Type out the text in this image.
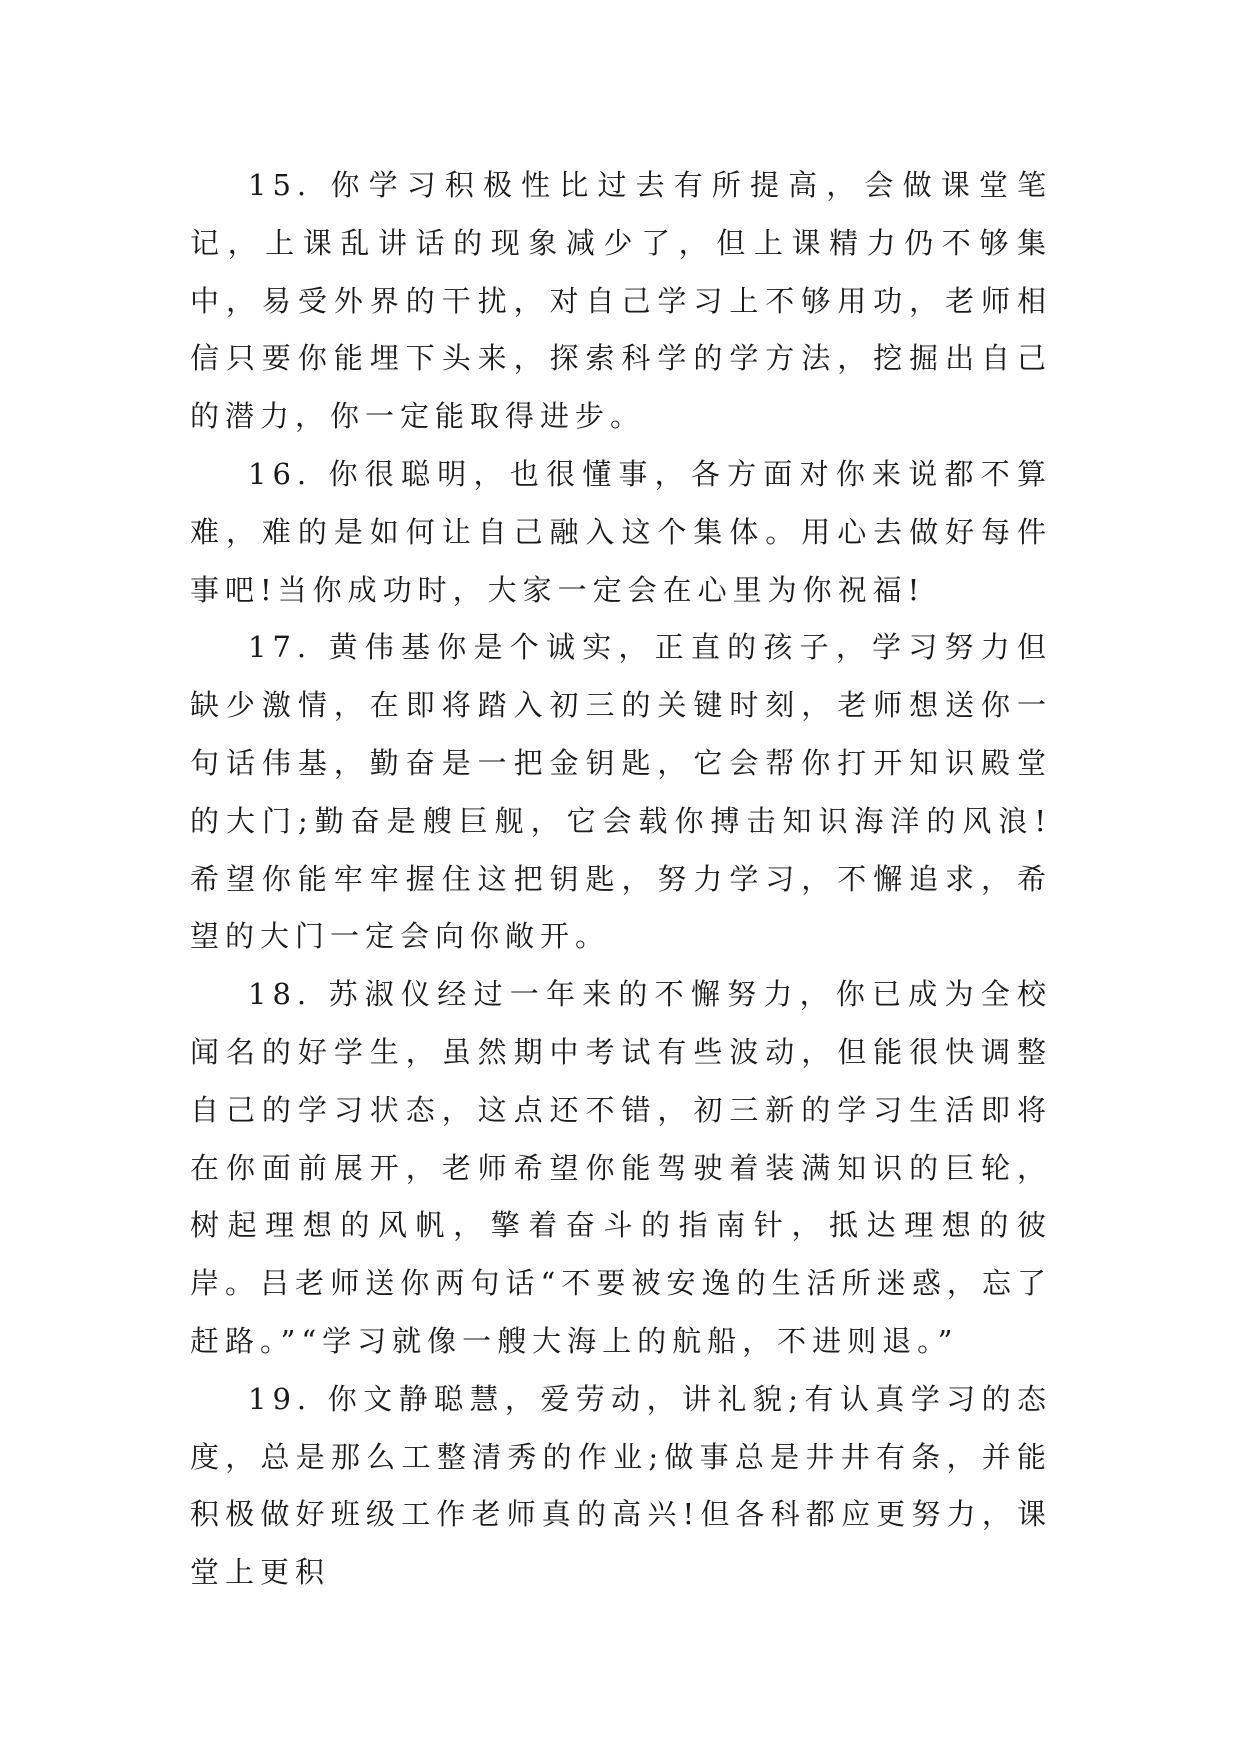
15. 你学习积极性比过去有所提高，会做课堂笔记，上课乱讲话的现象减少了，但上课精力仍不够集中，易受外界的干扰，对自己学习上不够用功，老师相信只要你能埋下头来，探索科学的学方法，挖掘出自己的潜力，你一定能取得进步。

16. 你很聪明，也很懂事，各方面对你来说都不算难，难的是如何让自己融入这个集体。用心去做好每件事吧!当你成功时，大家一定会在心里为你祝福!

17. 黄伟基你是个诚实，正直的孩子，学习努力但缺少激情，在即将踏入初三的关键时刻，老师想送你一句话伟基，勤奋是一把金钥匙，它会帮你打开知识殿堂的大门;勤奋是艘巨舰，它会载你搏击知识海洋的风浪!希望你能牢牢握住这把钥匙，努力学习，不懈追求，希望的大门一定会向你敞开。

18. 苏淑仪经过一年来的不懈努力，你已成为全校闻名的好学生，虽然期中考试有些波动，但能很快调整自己的学习状态，这点还不错，初三新的学习生活即将在你面前展开，老师希望你能驾驶着装满知识的巨轮，树起理想的风帆，擎着奋斗的指南针，抵达理想的彼岸。吕老师送你两句话“不要被安逸的生活所迷惑，忘了赶路。”“学习就像一艘大海上的航船，不进则退。”

19. 你文静聪慧，爱劳动，讲礼貌;有认真学习的态度，总是那么工整清秀的作业;做事总是井井有条，并能积极做好班级工作老师真的高兴!但各科都应更努力，课堂上更积
